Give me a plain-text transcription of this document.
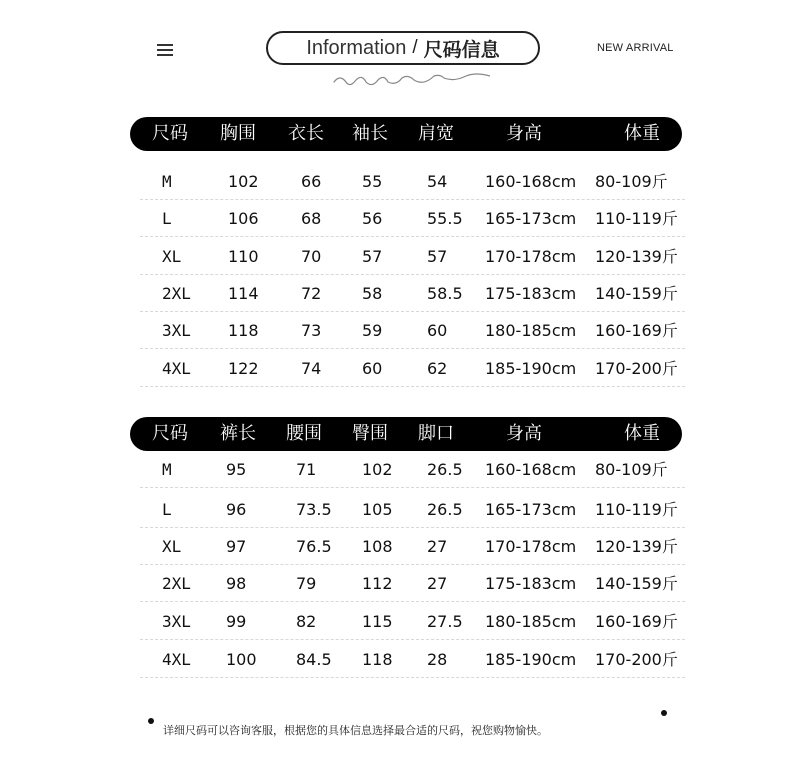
Information / 尺码信息	NEW ARRIVAL
尺码 胸围 衣长 袖长 肩宽	身高	体重
M	102	66	55	54 160-168cm 80-109斤
L	106	68	56	55.5 165-173cm 110-119斤
XL	110	70	57	57 170-178cm 120-139斤
2XL 114	72	58	58.5 175-183cm 140-159斤
3XL 118	73	59	60 180-185cm 160-169斤
4XL 122	74	60	62 185-190cm 170-200斤
尺码 裤长 腰围 臀围 脚口	身高	体重
M	95	71	102 26.5 160-168cm 80-109斤
L	96	73.5 105 26.5 165-173cm 110-119斤
XL	97	76.5 108 27 170-178cm 120-139斤
2XL 98	79	112 27 175-183cm 140-159斤
3XL 99	82	115 27.5 180-185cm 160-169斤
4XL 100 84.5 118 28 185-190cm 170-200斤
详细尺码可以咨询客服，根据您的具体信息选择最合适的尺码，祝您购物愉快。
